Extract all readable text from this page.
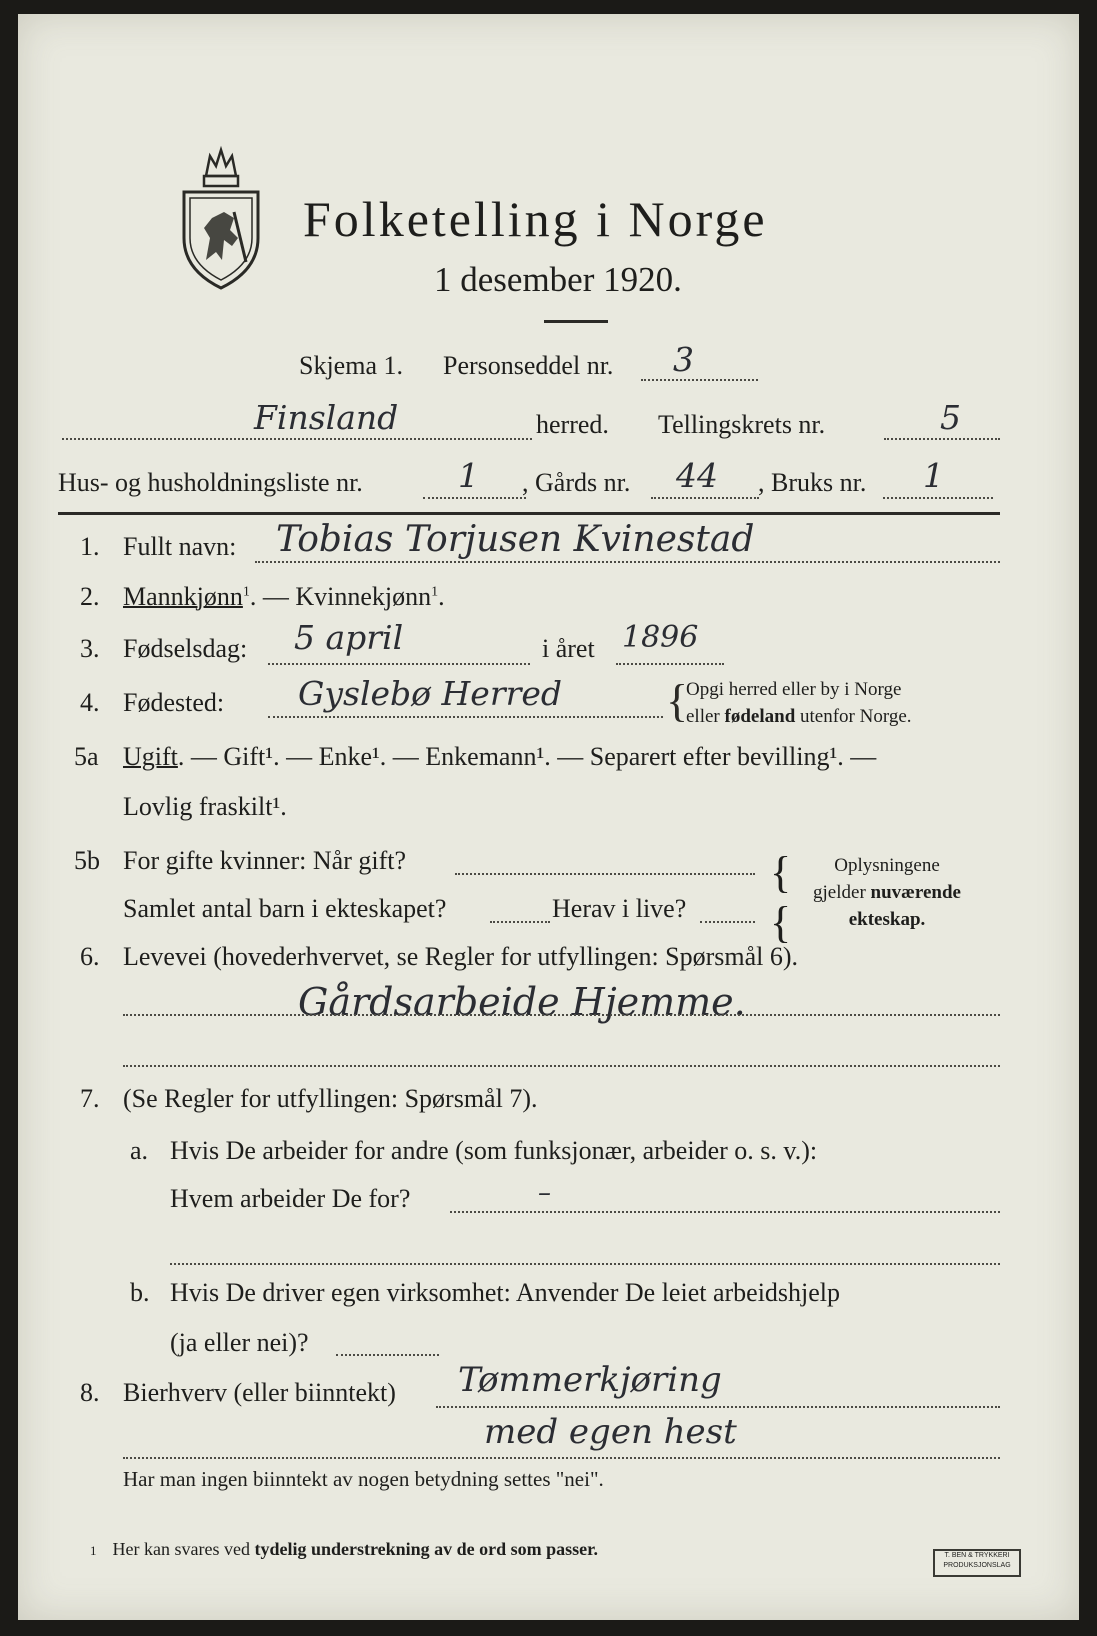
Folketelling i Norge
1 desember 1920.
Skjema 1. Personseddel nr. 3
Finsland	herred. Tellingskrets nr.	5
Hus- og husholdningsliste nr.	1 , Gårds nr. 44 , Bruks nr. 1
1. Fullt navn: Tobias Torjusen Kvinestad
2. Mannkjønn$^1$. — Kvinnekjønn$^1$.
3. Fødselsdag: 5 april	i året 1896
4. Fødested: Gyslebø Herred {
Opgi herred eller by i Norge
eller fødeland utenfor Norge.
5a Ugift. — Gift¹. — Enke¹. — Enkemann¹. — Separert efter bevilling¹. —
Lovlig fraskilt¹.
5b For gifte kvinner: Når gift?
Samlet antal barn i ekteskapet?	Herav i live?
{
{
Oplysningene
gjelder nuværende
ekteskap.
6. Levevei (hovederhvervet, se Regler for utfyllingen: Spørsmål 6).
Gårdsarbeide Hjemme.
7. (Se Regler for utfyllingen: Spørsmål 7).
a. Hvis De arbeider for andre (som funksjonær, arbeider o. s. v.):
Hvem arbeider De for?	–
b. Hvis De driver egen virksomhet: Anvender De leiet arbeidshjelp
(ja eller nei)?
8. Bierhverv (eller biinntekt) Tømmerkjøring
med egen hest
Har man ingen biinntekt av nogen betydning settes "nei".
1 Her kan svares ved tydelig understrekning av de ord som passer.	T. BEN & TRYKKERI
PRODUKSJONSLAG
